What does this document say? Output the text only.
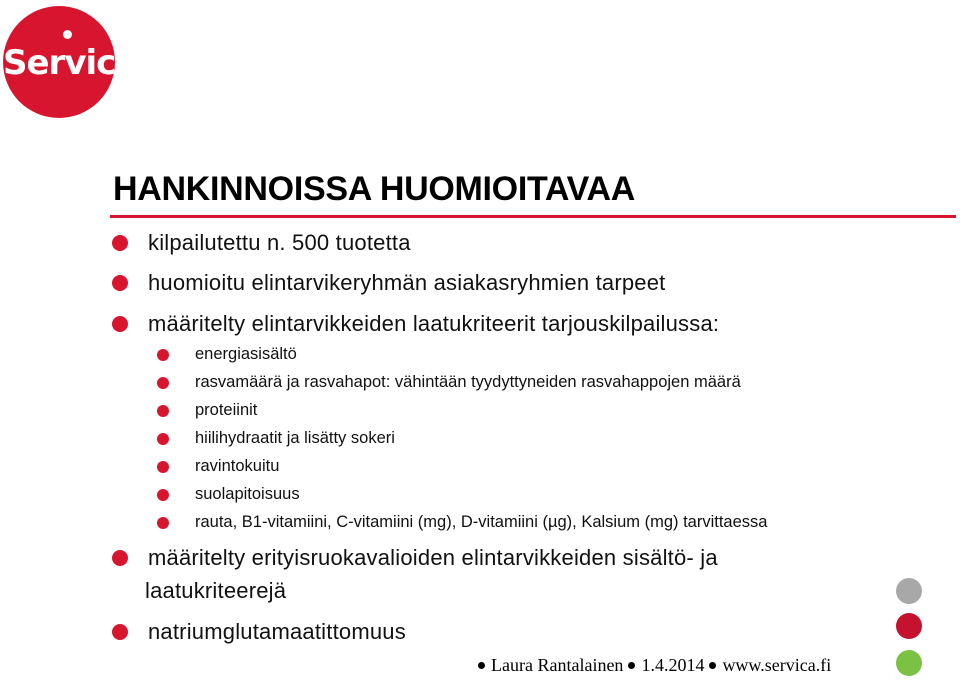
Servica
HANKINNOISSA HUOMIOITAVAA
kilpailutettu n. 500 tuotetta
huomioitu elintarvikeryhmän asiakasryhmien tarpeet
määritelty elintarvikkeiden laatukriteerit tarjouskilpailussa:
energiasisältö
rasvamäärä ja rasvahapot: vähintään tyydyttyneiden rasvahappojen määrä
proteiinit
hiilihydraatit ja lisätty sokeri
ravintokuitu
suolapitoisuus
rauta, B1-vitamiini, C-vitamiini (mg), D-vitamiini (µg), Kalsium (mg) tarvittaessa
määritelty erityisruokavalioiden elintarvikkeiden sisältö- ja
laatukriteerejä
natriumglutamaatittomuus
Laura Rantalainen 1.4.2014 www.servica.fi
